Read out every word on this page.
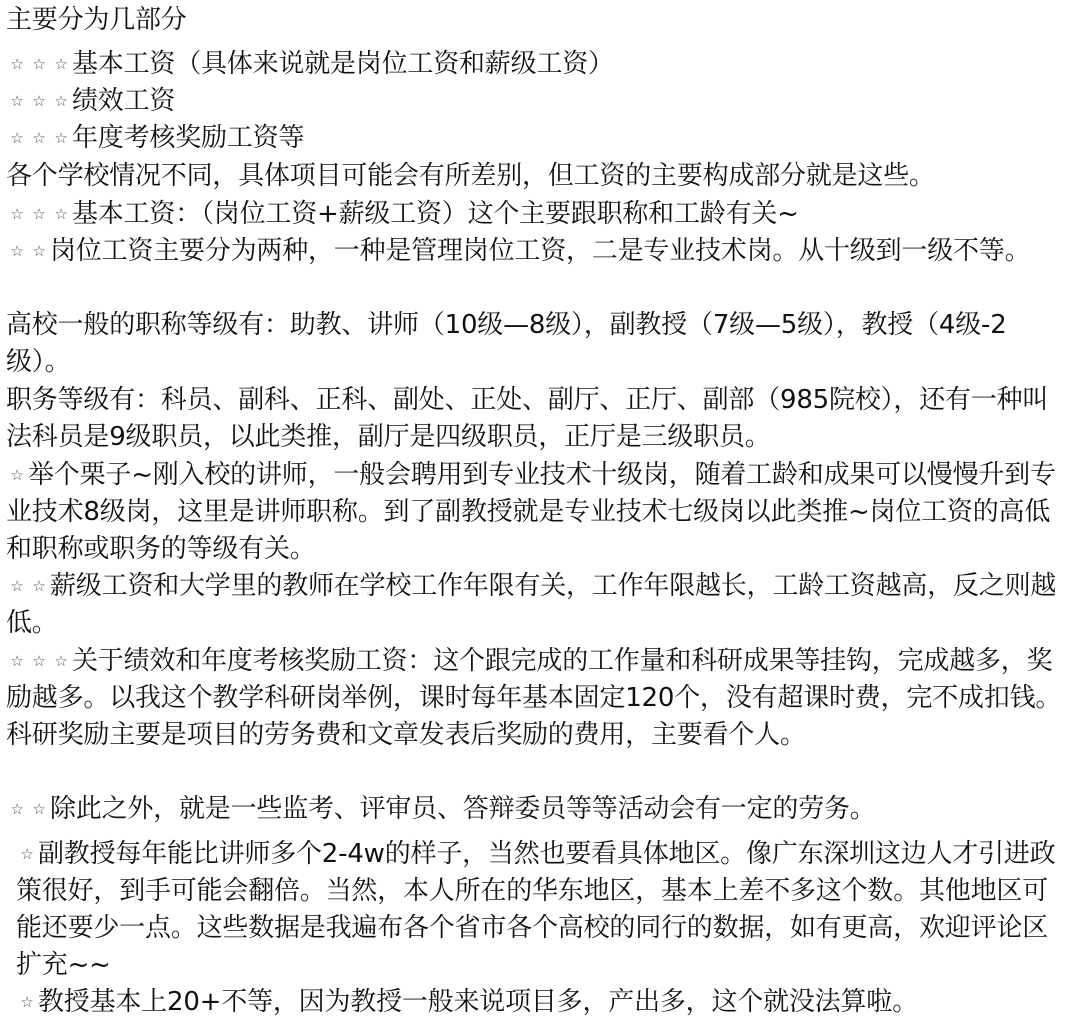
主要分为几部分
☆ ☆ ☆ 基本工资（具体来说就是岗位工资和薪级工资）
☆ ☆ ☆ 绩效工资
☆ ☆ ☆ 年度考核奖励工资等
各个学校情况不同，具体项目可能会有所差别，但工资的主要构成部分就是这些。
☆ ☆ ☆ 基本工资：（岗位工资+薪级工资）这个主要跟职称和工龄有关~
☆ ☆ 岗位工资主要分为两种，一种是管理岗位工资，二是专业技术岗。从十级到一级不等。
高校一般的职称等级有：助教、讲师（10级—8级），副教授（7级—5级），教授（4级-2级）。
职务等级有：科员、副科、正科、副处、正处、副厅、正厅、副部（985院校），还有一种叫法科员是9级职员，以此类推，副厅是四级职员，正厅是三级职员。
☆ 举个栗子~刚入校的讲师，一般会聘用到专业技术十级岗，随着工龄和成果可以慢慢升到专业技术8级岗，这里是讲师职称。到了副教授就是专业技术七级岗以此类推~岗位工资的高低和职称或职务的等级有关。
☆ ☆ 薪级工资和大学里的教师在学校工作年限有关，工作年限越长，工龄工资越高，反之则越低。
☆ ☆ ☆ 关于绩效和年度考核奖励工资：这个跟完成的工作量和科研成果等挂钩，完成越多，奖励越多。以我这个教学科研岗举例，课时每年基本固定120个，没有超课时费，完不成扣钱。科研奖励主要是项目的劳务费和文章发表后奖励的费用，主要看个人。
☆ ☆ 除此之外，就是一些监考、评审员、答辩委员等等活动会有一定的劳务。
☆ 副教授每年能比讲师多个2-4w的样子，当然也要看具体地区。像广东深圳这边人才引进政策很好，到手可能会翻倍。当然，本人所在的华东地区，基本上差不多这个数。其他地区可能还要少一点。这些数据是我遍布各个省市各个高校的同行的数据，如有更高，欢迎评论区扩充~~
☆ 教授基本上20+不等，因为教授一般来说项目多，产出多，这个就没法算啦。
